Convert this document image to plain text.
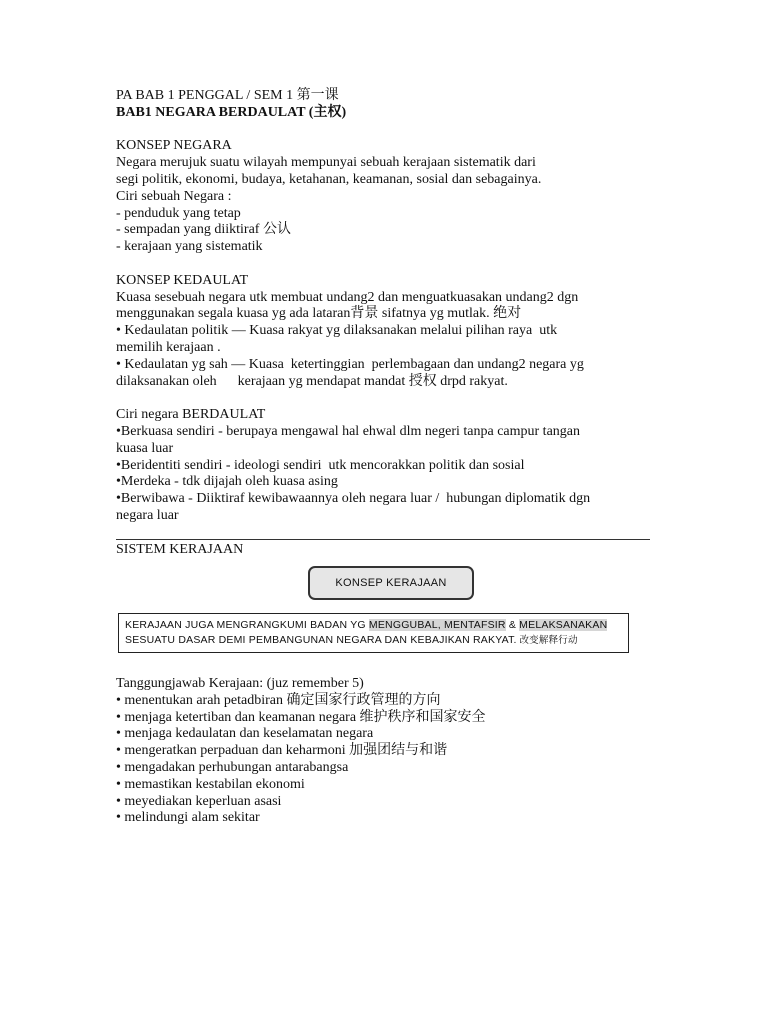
PA BAB 1 PENGGAL / SEM 1 第一课
BAB1 NEGARA BERDAULAT (主权)
KONSEP NEGARA
Negara merujuk suatu wilayah mempunyai sebuah kerajaan sistematik dari
segi politik, ekonomi, budaya, ketahanan, keamanan, sosial dan sebagainya.
Ciri sebuah Negara :
- penduduk yang tetap
- sempadan yang diiktiraf 公认
- kerajaan yang sistematik
KONSEP KEDAULAT
Kuasa sesebuah negara utk membuat undang2 dan menguatkuasakan undang2 dgn
menggunakan segala kuasa yg ada lataran背景 sifatnya yg mutlak. 绝对
• Kedaulatan politik — Kuasa rakyat yg dilaksanakan melalui pilihan raya  utk
memilih kerajaan .
• Kedaulatan yg sah — Kuasa  ketertinggian  perlembagaan dan undang2 negara yg
dilaksanakan oleh      kerajaan yg mendapat mandat 授权 drpd rakyat.
Ciri negara BERDAULAT
•Berkuasa sendiri - berupaya mengawal hal ehwal dlm negeri tanpa campur tangan
kuasa luar
•Beridentiti sendiri - ideologi sendiri  utk mencorakkan politik dan sosial
•Merdeka - tdk dijajah oleh kuasa asing
•Berwibawa - Diiktiraf kewibawaannya oleh negara luar /  hubungan diplomatik dgn
negara luar
SISTEM KERAJAAN
KONSEP KERAJAAN
KERAJAAN JUGA MENGRANGKUMI BADAN YG MENGGUBAL, MENTAFSIR & MELAKSANAKAN
SESUATU DASAR DEMI PEMBANGUNAN NEGARA DAN KEBAJIKAN RAKYAT. 改变解释行动
Tanggungjawab Kerajaan: (juz remember 5)
• menentukan arah petadbiran 确定国家行政管理的方向
• menjaga ketertiban dan keamanan negara 维护秩序和国家安全
• menjaga kedaulatan dan keselamatan negara
• mengeratkan perpaduan dan keharmoni 加强团结与和谐
• mengadakan perhubungan antarabangsa
• memastikan kestabilan ekonomi
• meyediakan keperluan asasi
• melindungi alam sekitar
